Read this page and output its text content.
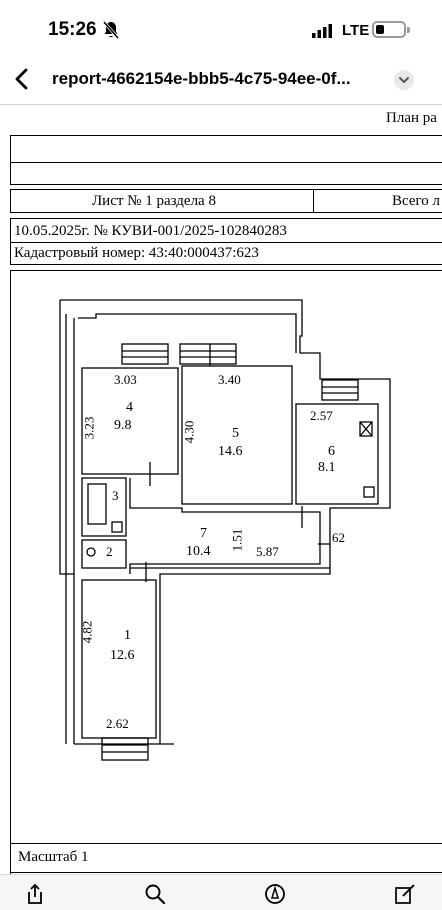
15:26	LTE
report-4662154e-bbb5-4c75-94ee-0f...
План ра
Лист № 1 раздела 8	Всего л
10.05.2025г. № КУВИ-001/2025-102840283
Кадастровый номер: 43:40:000437:623
Масштаб 1
3.03	3.40
3.23	4.30
2.57
4
9.8
5
14.6	6
8.1
3
2
7
10.4
1.51
5.87
62
4.82 1
12.6
2.62
